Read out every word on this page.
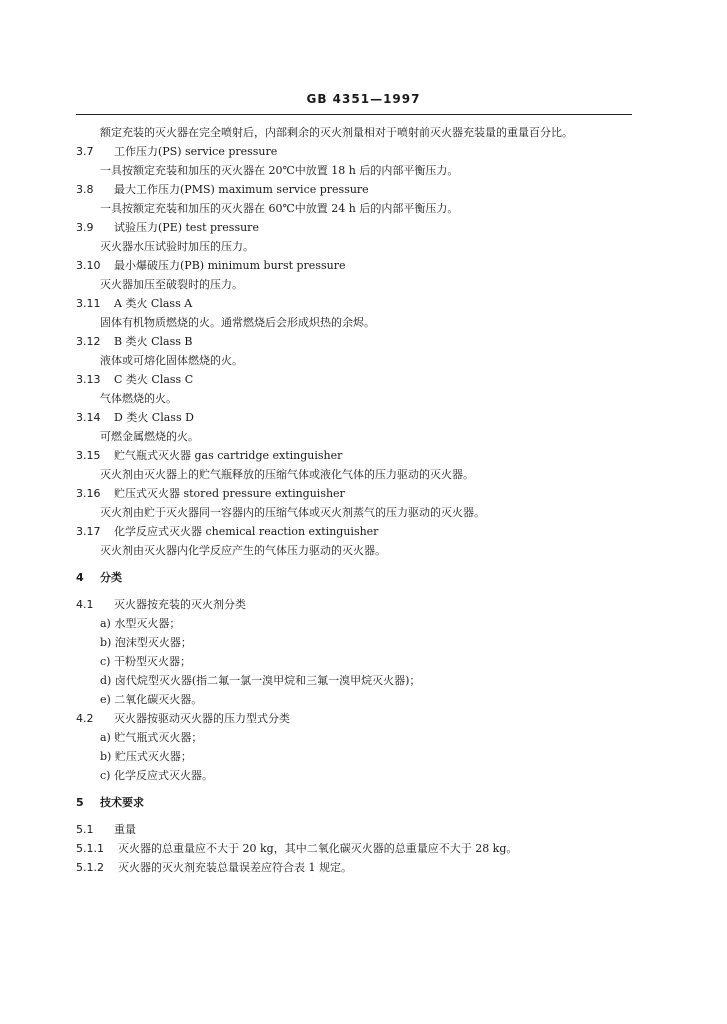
GB 4351—1997
额定充装的灭火器在完全喷射后，内部剩余的灭火剂量相对于喷射前灭火器充装量的重量百分比。
3.7 工作压力(PS) service pressure
一具按额定充装和加压的灭火器在 20℃中放置 18 h 后的内部平衡压力。
3.8 最大工作压力(PMS) maximum service pressure
一具按额定充装和加压的灭火器在 60℃中放置 24 h 后的内部平衡压力。
3.9 试验压力(PE) test pressure
灭火器水压试验时加压的压力。
3.10 最小爆破压力(PB) minimum burst pressure
灭火器加压至破裂时的压力。
3.11 A 类火 Class A
固体有机物质燃烧的火。通常燃烧后会形成炽热的余烬。
3.12 B 类火 Class B
液体或可熔化固体燃烧的火。
3.13 C 类火 Class C
气体燃烧的火。
3.14 D 类火 Class D
可燃金属燃烧的火。
3.15 贮气瓶式灭火器 gas cartridge extinguisher
灭火剂由灭火器上的贮气瓶释放的压缩气体或液化气体的压力驱动的灭火器。
3.16 贮压式灭火器 stored pressure extinguisher
灭火剂由贮于灭火器同一容器内的压缩气体或灭火剂蒸气的压力驱动的灭火器。
3.17 化学反应式灭火器 chemical reaction extinguisher
灭火剂由灭火器内化学反应产生的气体压力驱动的灭火器。
4 分类
4.1 灭火器按充装的灭火剂分类
a) 水型灭火器；
b) 泡沫型灭火器；
c) 干粉型灭火器；
d) 卤代烷型灭火器(指二氟一氯一溴甲烷和三氟一溴甲烷灭火器)；
e) 二氧化碳灭火器。
4.2 灭火器按驱动灭火器的压力型式分类
a) 贮气瓶式灭火器；
b) 贮压式灭火器；
c) 化学反应式灭火器。
5 技术要求
5.1 重量
5.1.1 灭火器的总重量应不大于 20 kg，其中二氧化碳灭火器的总重量应不大于 28 kg。
5.1.2 灭火器的灭火剂充装总量误差应符合表 1 规定。
